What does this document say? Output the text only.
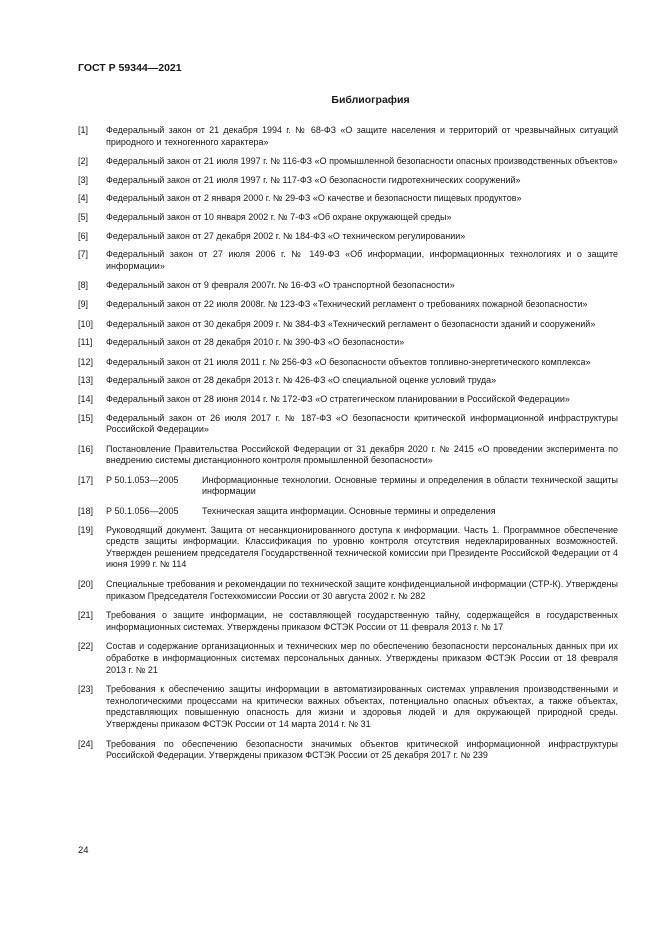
ГОСТ Р 59344—2021
Библиография
[1]	Федеральный закон от 21 декабря 1994 г. № 68-ФЗ «О защите населения и территорий от чрезвычайных ситуаций природного и техногенного характера»
[2]	Федеральный закон от 21 июля 1997 г. № 116-ФЗ «О промышленной безопасности опасных производственных объектов»
[3]	Федеральный закон от 21 июля 1997 г. № 117-ФЗ «О безопасности гидротехнических сооружений»
[4]	Федеральный закон от 2 января 2000 г. № 29-ФЗ «О качестве и безопасности пищевых продуктов»
[5]	Федеральный закон от 10 января 2002 г. № 7-ФЗ «Об охране окружающей среды»
[6]	Федеральный закон от 27 декабря 2002 г. № 184-ФЗ «О техническом регулировании»
[7]	Федеральный закон от 27 июля 2006 г. № 149-ФЗ «Об информации, информационных технологиях и о защите информации»
[8]	Федеральный закон от 9 февраля 2007г. № 16-ФЗ «О транспортной безопасности»
[9]	Федеральный закон от 22 июля 2008г. № 123-ФЗ «Технический регламент о требованиях пожарной безопасности»
[10]	Федеральный закон от 30 декабря 2009 г. № 384-ФЗ «Технический регламент о безопасности зданий и сооружений»
[11]	Федеральный закон от 28 декабря 2010 г. № 390-ФЗ «О безопасности»
[12]	Федеральный закон от 21 июля 2011 г. № 256-ФЗ «О безопасности объектов топливно-энергетического комплекса»
[13]	Федеральный закон от 28 декабря 2013 г. № 426-ФЗ «О специальной оценке условий труда»
[14]	Федеральный закон от 28 июня 2014 г. № 172-ФЗ «О стратегическом планировании в Российской Федерации»
[15]	Федеральный закон от 26 июля 2017 г. № 187-ФЗ «О безопасности критической информационной инфраструктуры Российской Федерации»
[16]	Постановление Правительства Российской Федерации от 31 декабря 2020 г. № 2415 «О проведении эксперимента по внедрению системы дистанционного контроля промышленной безопасности»
[17]	Р 50.1.053—2005	Информационные технологии. Основные термины и определения в области технической защиты информации
[18]	Р 50.1.056—2005	Техническая защита информации. Основные термины и определения
[19]	Руководящий документ. Защита от несанкционированного доступа к информации. Часть 1. Программное обеспечение средств защиты информации. Классификация по уровню контроля отсутствия недекларированных возможностей. Утвержден решением председателя Государственной технической комиссии при Президенте Российской Федерации от 4 июня 1999 г. № 114
[20]	Специальные требования и рекомендации по технической защите конфиденциальной информации (СТР-К). Утверждены приказом Председателя Гостехкомиссии России от 30 августа 2002 г. № 282
[21]	Требования о защите информации, не составляющей государственную тайну, содержащейся в государственных информационных системах. Утверждены приказом ФСТЭК России от 11 февраля 2013 г. № 17
[22]	Состав и содержание организационных и технических мер по обеспечению безопасности персональных данных при их обработке в информационных системах персональных данных. Утверждены приказом ФСТЭК России от 18 февраля 2013 г. № 21
[23]	Требования к обеспечению защиты информации в автоматизированных системах управления производственными и технологическими процессами на критически важных объектах, потенциально опасных объектах, а также объектах, представляющих повышенную опасность для жизни и здоровья людей и для окружающей природной среды. Утверждены приказом ФСТЭК России от 14 марта 2014 г. № 31
[24]	Требования по обеспечению безопасности значимых объектов критической информационной инфраструктуры Российской Федерации. Утверждены приказом ФСТЭК России от 25 декабря 2017 г. № 239
24
